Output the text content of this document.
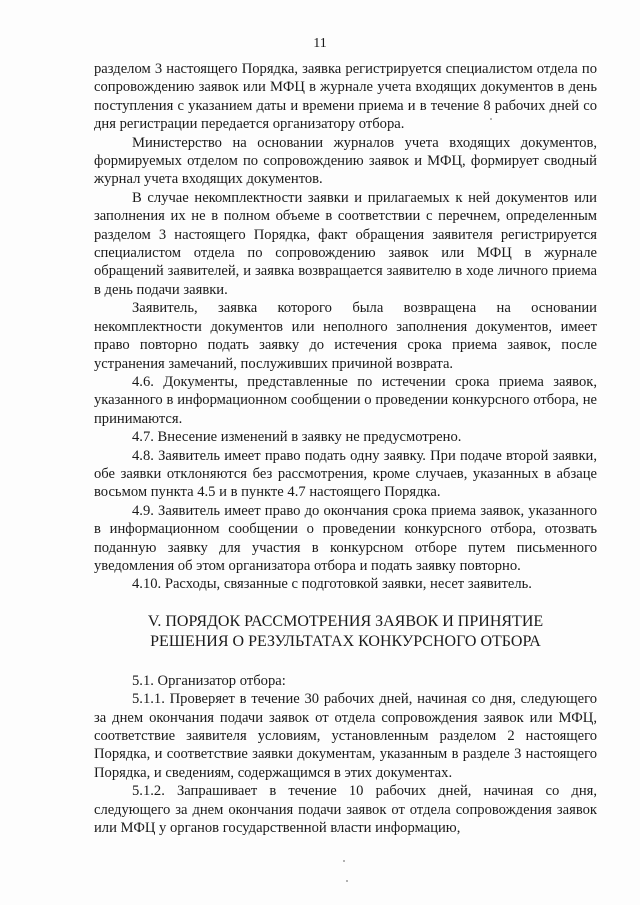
11

разделом 3 настоящего Порядка, заявка регистрируется специалистом отдела по сопровождению заявок или МФЦ в журнале учета входящих документов в день поступления с указанием даты и времени приема и в течение 8 рабочих дней со дня регистрации передается организатору отбора.

Министерство на основании журналов учета входящих документов, формируемых отделом по сопровождению заявок и МФЦ, формирует сводный журнал учета входящих документов.

В случае некомплектности заявки и прилагаемых к ней документов или заполнения их не в полном объеме в соответствии с перечнем, определенным разделом 3 настоящего Порядка, факт обращения заявителя регистрируется специалистом отдела по сопровождению заявок или МФЦ в журнале обращений заявителей, и заявка возвращается заявителю в ходе личного приема в день подачи заявки.

Заявитель, заявка которого была возвращена на основании некомплектности документов или неполного заполнения документов, имеет право повторно подать заявку до истечения срока приема заявок, после устранения замечаний, послуживших причиной возврата.

4.6. Документы, представленные по истечении срока приема заявок, указанного в информационном сообщении о проведении конкурсного отбора, не принимаются.

4.7. Внесение изменений в заявку не предусмотрено.

4.8. Заявитель имеет право подать одну заявку. При подаче второй заявки, обе заявки отклоняются без рассмотрения, кроме случаев, указанных в абзаце восьмом пункта 4.5 и в пункте 4.7 настоящего Порядка.

4.9. Заявитель имеет право до окончания срока приема заявок, указанного в информационном сообщении о проведении конкурсного отбора, отозвать поданную заявку для участия в конкурсном отборе путем письменного уведомления об этом организатора отбора и подать заявку повторно.

4.10. Расходы, связанные с подготовкой заявки, несет заявитель.

V. ПОРЯДОК РАССМОТРЕНИЯ ЗАЯВОК И ПРИНЯТИЕ
РЕШЕНИЯ О РЕЗУЛЬТАТАХ КОНКУРСНОГО ОТБОРА

5.1. Организатор отбора:

5.1.1. Проверяет в течение 30 рабочих дней, начиная со дня, следующего за днем окончания подачи заявок от отдела сопровождения заявок или МФЦ, соответствие заявителя условиям, установленным разделом 2 настоящего Порядка, и соответствие заявки документам, указанным в разделе 3 настоящего Порядка, и сведениям, содержащимся в этих документах.

5.1.2. Запрашивает в течение 10 рабочих дней, начиная со дня, следующего за днем окончания подачи заявок от отдела сопровождения заявок или МФЦ у органов государственной власти информацию,
